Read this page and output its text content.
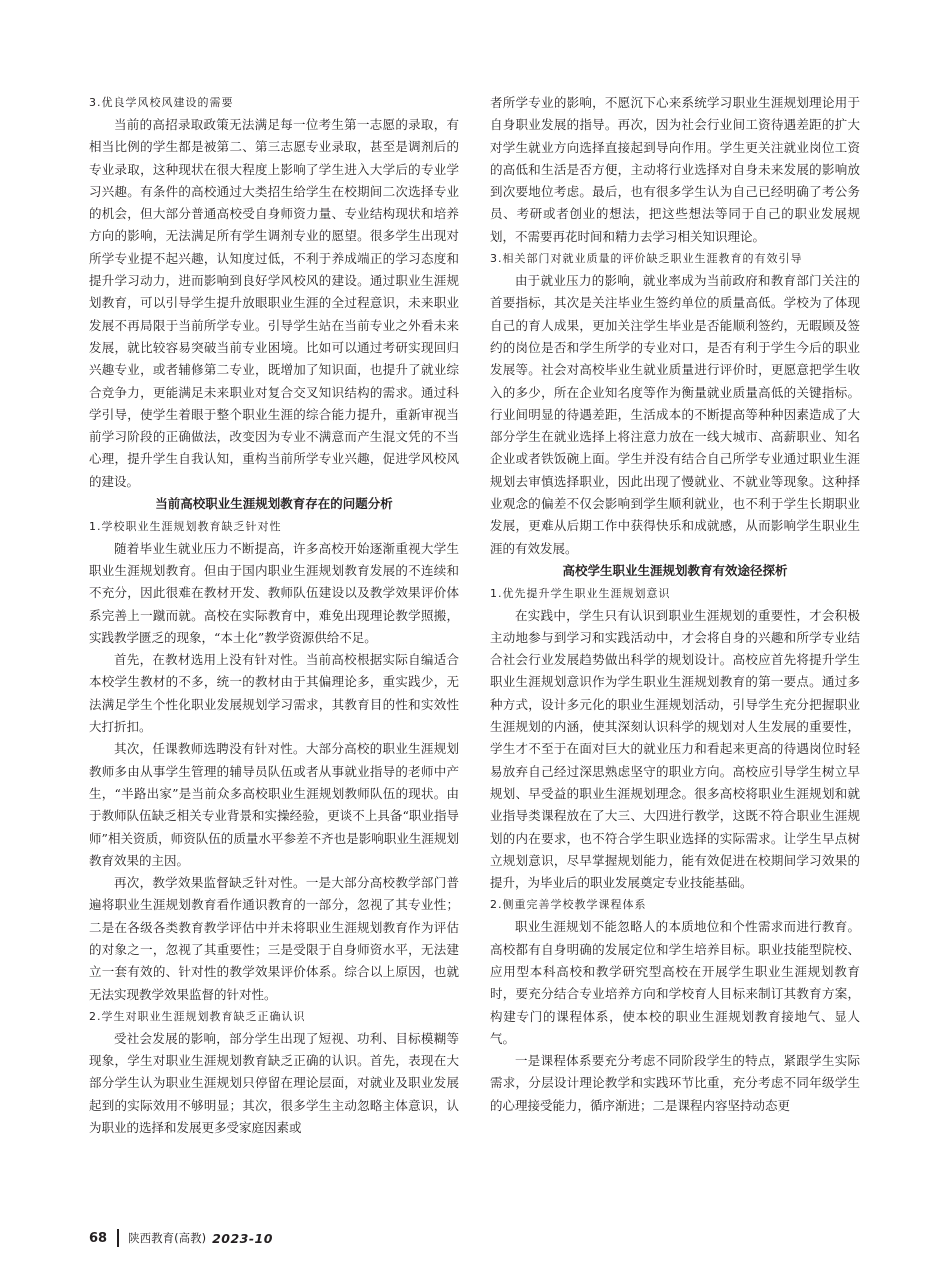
3.优良学风校风建设的需要

当前的高招录取政策无法满足每一位考生第一志愿的录取，有相当比例的学生都是被第二、第三志愿专业录取，甚至是调剂后的专业录取，这种现状在很大程度上影响了学生进入大学后的专业学习兴趣。有条件的高校通过大类招生给学生在校期间二次选择专业的机会，但大部分普通高校受自身师资力量、专业结构现状和培养方向的影响，无法满足所有学生调剂专业的愿望。很多学生出现对所学专业提不起兴趣，认知度过低，不利于养成端正的学习态度和提升学习动力，进而影响到良好学风校风的建设。通过职业生涯规划教育，可以引导学生提升放眼职业生涯的全过程意识，未来职业发展不再局限于当前所学专业。引导学生站在当前专业之外看未来发展，就比较容易突破当前专业困境。比如可以通过考研实现回归兴趣专业，或者辅修第二专业，既增加了知识面，也提升了就业综合竞争力，更能满足未来职业对复合交叉知识结构的需求。通过科学引导，使学生着眼于整个职业生涯的综合能力提升，重新审视当前学习阶段的正确做法，改变因为专业不满意而产生混文凭的不当心理，提升学生自我认知，重构当前所学专业兴趣，促进学风校风的建设。

当前高校职业生涯规划教育存在的问题分析

1.学校职业生涯规划教育缺乏针对性

随着毕业生就业压力不断提高，许多高校开始逐渐重视大学生职业生涯规划教育。但由于国内职业生涯规划教育发展的不连续和不充分，因此很难在教材开发、教师队伍建设以及教学效果评价体系完善上一蹴而就。高校在实际教育中，难免出现理论教学照搬，实践教学匮乏的现象，“本土化”教学资源供给不足。

首先，在教材选用上没有针对性。当前高校根据实际自编适合本校学生教材的不多，统一的教材由于其偏理论多，重实践少，无法满足学生个性化职业发展规划学习需求，其教育目的性和实效性大打折扣。

其次，任课教师选聘没有针对性。大部分高校的职业生涯规划教师多由从事学生管理的辅导员队伍或者从事就业指导的老师中产生，“半路出家”是当前众多高校职业生涯规划教师队伍的现状。由于教师队伍缺乏相关专业背景和实操经验，更谈不上具备“职业指导师”相关资质，师资队伍的质量水平参差不齐也是影响职业生涯规划教育效果的主因。

再次，教学效果监督缺乏针对性。一是大部分高校教学部门普遍将职业生涯规划教育看作通识教育的一部分，忽视了其专业性；二是在各级各类教育教学评估中并未将职业生涯规划教育作为评估的对象之一，忽视了其重要性；三是受限于自身师资水平，无法建立一套有效的、针对性的教学效果评价体系。综合以上原因，也就无法实现教学效果监督的针对性。

2.学生对职业生涯规划教育缺乏正确认识

受社会发展的影响，部分学生出现了短视、功利、目标模糊等现象，学生对职业生涯规划教育缺乏正确的认识。首先，表现在大部分学生认为职业生涯规划只停留在理论层面，对就业及职业发展起到的实际效用不够明显；其次，很多学生主动忽略主体意识，认为职业的选择和发展更多受家庭因素或

者所学专业的影响，不愿沉下心来系统学习职业生涯规划理论用于自身职业发展的指导。再次，因为社会行业间工资待遇差距的扩大对学生就业方向选择直接起到导向作用。学生更关注就业岗位工资的高低和生活是否方便，主动将行业选择对自身未来发展的影响放到次要地位考虑。最后，也有很多学生认为自己已经明确了考公务员、考研或者创业的想法，把这些想法等同于自己的职业发展规划，不需要再花时间和精力去学习相关知识理论。

3.相关部门对就业质量的评价缺乏职业生涯教育的有效引导

由于就业压力的影响，就业率成为当前政府和教育部门关注的首要指标，其次是关注毕业生签约单位的质量高低。学校为了体现自己的育人成果，更加关注学生毕业是否能顺利签约，无暇顾及签约的岗位是否和学生所学的专业对口，是否有利于学生今后的职业发展等。社会对高校毕业生就业质量进行评价时，更愿意把学生收入的多少，所在企业知名度等作为衡量就业质量高低的关键指标。行业间明显的待遇差距，生活成本的不断提高等种种因素造成了大部分学生在就业选择上将注意力放在一线大城市、高薪职业、知名企业或者铁饭碗上面。学生并没有结合自己所学专业通过职业生涯规划去审慎选择职业，因此出现了慢就业、不就业等现象。这种择业观念的偏差不仅会影响到学生顺利就业，也不利于学生长期职业发展，更难从后期工作中获得快乐和成就感，从而影响学生职业生涯的有效发展。

高校学生职业生涯规划教育有效途径探析

1.优先提升学生职业生涯规划意识

在实践中，学生只有认识到职业生涯规划的重要性，才会积极主动地参与到学习和实践活动中，才会将自身的兴趣和所学专业结合社会行业发展趋势做出科学的规划设计。高校应首先将提升学生职业生涯规划意识作为学生职业生涯规划教育的第一要点。通过多种方式，设计多元化的职业生涯规划活动，引导学生充分把握职业生涯规划的内涵，使其深刻认识科学的规划对人生发展的重要性，学生才不至于在面对巨大的就业压力和看起来更高的待遇岗位时轻易放弃自己经过深思熟虑坚守的职业方向。高校应引导学生树立早规划、早受益的职业生涯规划理念。很多高校将职业生涯规划和就业指导类课程放在了大三、大四进行教学，这既不符合职业生涯规划的内在要求，也不符合学生职业选择的实际需求。让学生早点树立规划意识，尽早掌握规划能力，能有效促进在校期间学习效果的提升，为毕业后的职业发展奠定专业技能基础。

2.侧重完善学校教学课程体系

职业生涯规划不能忽略人的本质地位和个性需求而进行教育。高校都有自身明确的发展定位和学生培养目标。职业技能型院校、应用型本科高校和教学研究型高校在开展学生职业生涯规划教育时，要充分结合专业培养方向和学校育人目标来制订其教育方案，构建专门的课程体系，使本校的职业生涯规划教育接地气、显人气。

一是课程体系要充分考虑不同阶段学生的特点，紧跟学生实际需求，分层设计理论教学和实践环节比重，充分考虑不同年级学生的心理接受能力，循序渐进；二是课程内容坚持动态更

68 陕西教育(高教) 2023-10
